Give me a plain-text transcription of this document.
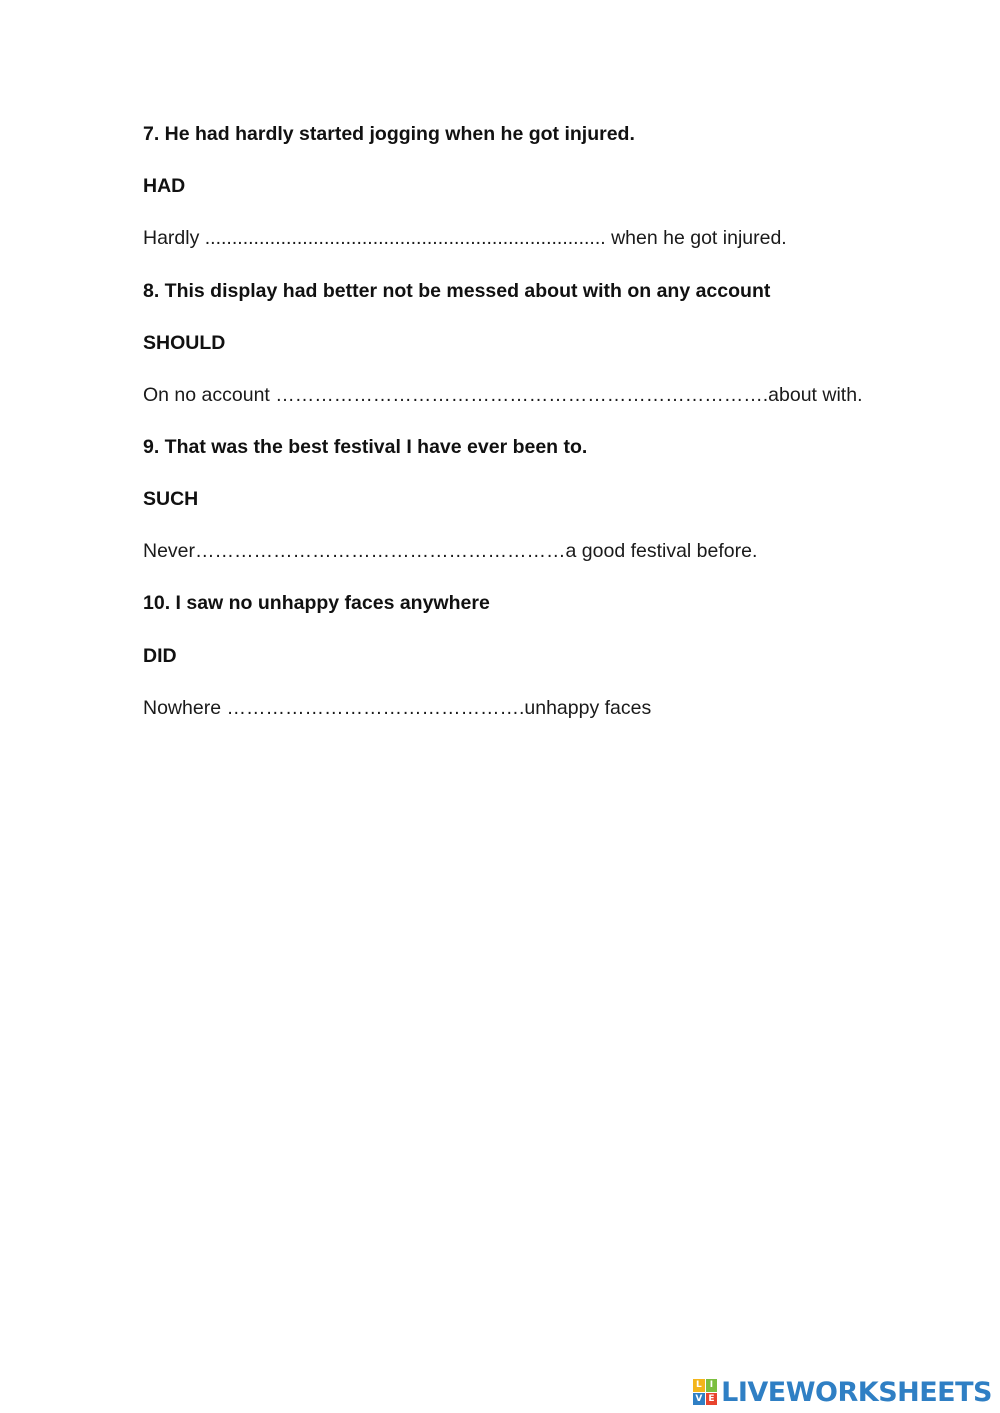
7. He had hardly started jogging when he got injured.
HAD
Hardly .......................................................................... when he got injured.
8. This display had better not be messed about with on any account
SHOULD
On no account ………………………………………………………………….about with.
9. That was the best festival I have ever been to.
SUCH
Never…………………………………………………a good festival before.
10. I saw no unhappy faces anywhere
DID
Nowhere ……………………………………….unhappy faces
L I
V E LIVEWORKSHEETS
